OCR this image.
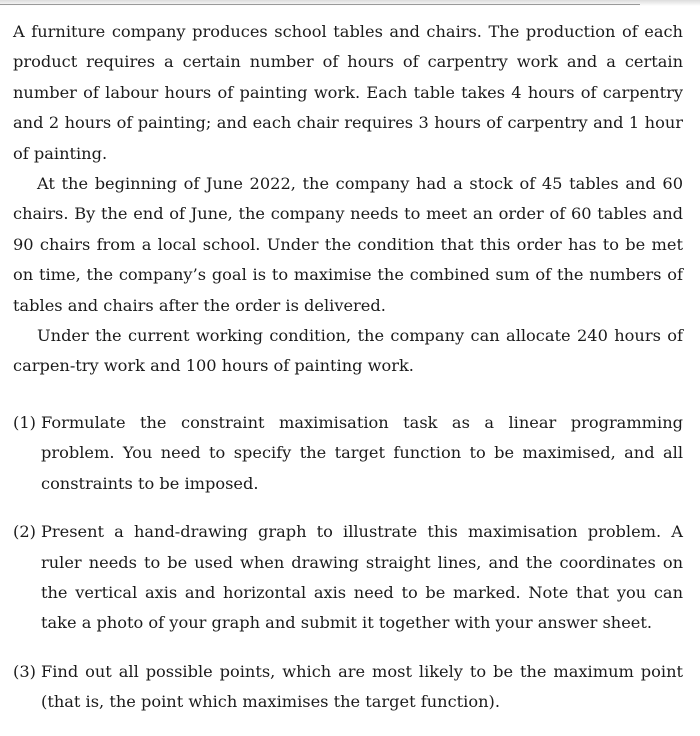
A furniture company produces school tables and chairs. The production of each product requires a certain number of hours of carpentry work and a certain number of labour hours of painting work. Each table takes 4 hours of carpentry and 2 hours of painting; and each chair requires 3 hours of carpentry and 1 hour of painting.

At the beginning of June 2022, the company had a stock of 45 tables and 60 chairs. By the end of June, the company needs to meet an order of 60 tables and 90 chairs from a local school. Under the condition that this order has to be met on time, the company’s goal is to maximise the combined sum of the numbers of tables and chairs after the order is delivered.

Under the current working condition, the company can allocate 240 hours of carpen-try work and 100 hours of painting work.

(1) Formulate the constraint maximisation task as a linear programming problem. You need to specify the target function to be maximised, and all constraints to be imposed.

(2) Present a hand-drawing graph to illustrate this maximisation problem. A ruler needs to be used when drawing straight lines, and the coordinates on the vertical axis and horizontal axis need to be marked. Note that you can take a photo of your graph and submit it together with your answer sheet.

(3) Find out all possible points, which are most likely to be the maximum point (that is, the point which maximises the target function).
